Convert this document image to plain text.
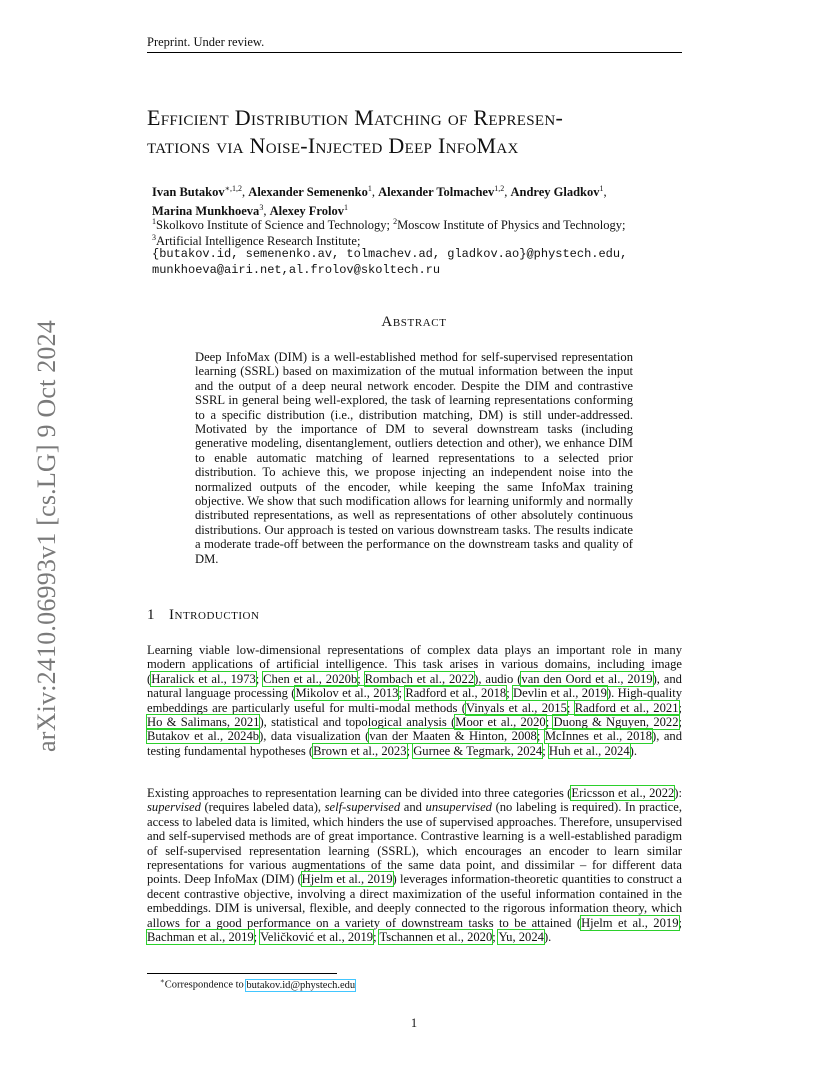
Preprint. Under review.
arXiv:2410.06993v1 [cs.LG] 9 Oct 2024
Efficient Distribution Matching of Represen-
tations via Noise-Injected Deep InfoMax
Ivan Butakov$^{∗,1,2}$, Alexander Semenenko$^1$, Alexander Tolmachev$^{1,2}$, Andrey Gladkov$^1$,
Marina Munkhoeva$^3$, Alexey Frolov$^1$
$^1$Skolkovo Institute of Science and Technology; $^2$Moscow Institute of Physics and Technology;
$^3$Artificial Intelligence Research Institute;
{butakov.id, semenenko.av, tolmachev.ad, gladkov.ao}@phystech.edu,
munkhoeva@airi.net,al.frolov@skoltech.ru
Abstract
Deep InfoMax (DIM) is a well-established method for self-supervised representation learning (SSRL) based on maximization of the mutual information between the input and the output of a deep neural network encoder. Despite the DIM and contrastive SSRL in general being well-explored, the task of learning representations conforming to a specific distribution (i.e., distribution matching, DM) is still under-addressed. Motivated by the importance of DM to several downstream tasks (including generative modeling, disentanglement, outliers detection and other), we enhance DIM to enable automatic matching of learned representations to a selected prior distribution. To achieve this, we propose injecting an independent noise into the normalized outputs of the encoder, while keeping the same InfoMax training objective. We show that such modification allows for learning uniformly and normally distributed representations, as well as representations of other absolutely continuous distributions. Our approach is tested on various downstream tasks. The results indicate a moderate trade-off between the performance on the downstream tasks and quality of DM.
1 Introduction
Learning viable low-dimensional representations of complex data plays an important role in many modern applications of artificial intelligence. This task arises in various domains, including image (Haralick et al., 1973; Chen et al., 2020b; Rombach et al., 2022), audio (van den Oord et al., 2019), and natural language processing (Mikolov et al., 2013; Radford et al., 2018; Devlin et al., 2019). High-quality embeddings are particularly useful for multi-modal methods (Vinyals et al., 2015; Radford et al., 2021; Ho & Salimans, 2021), statistical and topological analysis (Moor et al., 2020; Duong & Nguyen, 2022; Butakov et al., 2024b), data visualization (van der Maaten & Hinton, 2008; McInnes et al., 2018), and testing fundamental hypotheses (Brown et al., 2023; Gurnee & Tegmark, 2024; Huh et al., 2024).
Existing approaches to representation learning can be divided into three categories (Ericsson et al., 2022): supervised (requires labeled data), self-supervised and unsupervised (no labeling is required). In practice, access to labeled data is limited, which hinders the use of supervised approaches. Therefore, unsupervised and self-supervised methods are of great importance. Contrastive learning is a well-established paradigm of self-supervised representation learning (SSRL), which encourages an encoder to learn similar representations for various augmentations of the same data point, and dissimilar – for different data points. Deep InfoMax (DIM) (Hjelm et al., 2019) leverages information-theoretic quantities to construct a decent contrastive objective, involving a direct maximization of the useful information contained in the embeddings. DIM is universal, flexible, and deeply connected to the rigorous information theory, which allows for a good performance on a variety of downstream tasks to be attained (Hjelm et al., 2019; Bachman et al., 2019; Veličković et al., 2019; Tschannen et al., 2020; Yu, 2024).
∗Correspondence to butakov.id@phystech.edu
1
